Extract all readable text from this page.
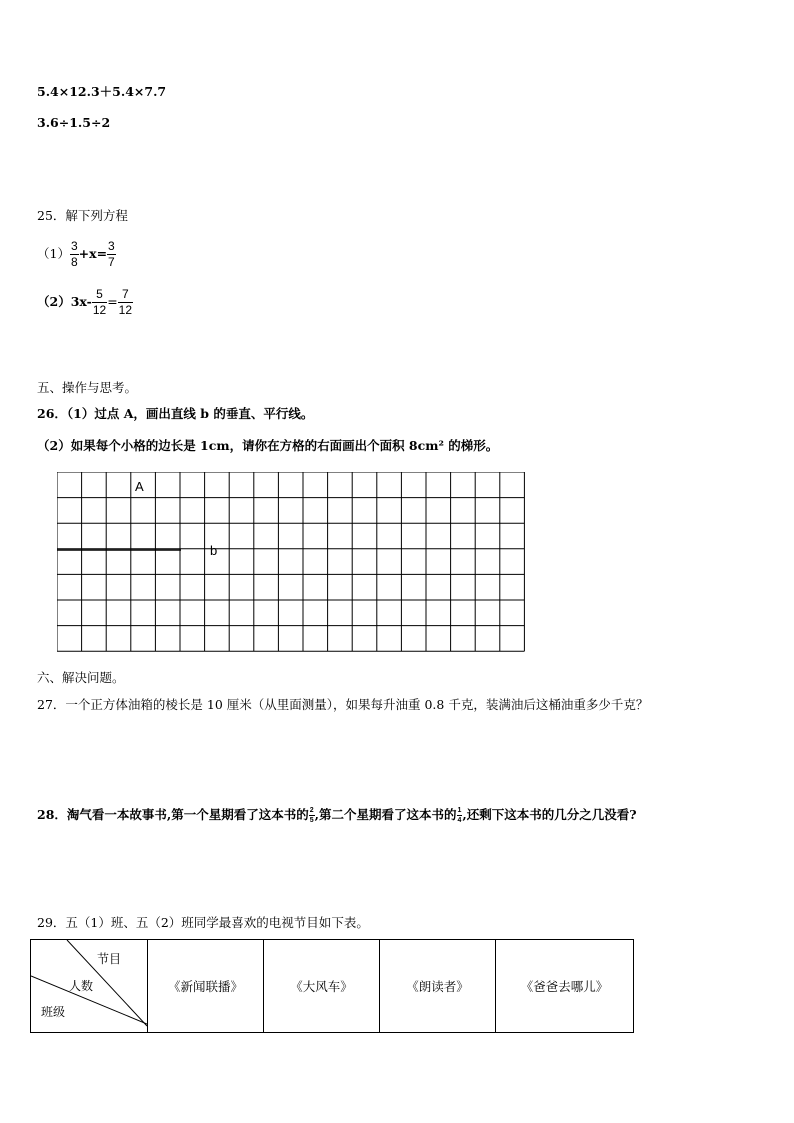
5.4×12.3＋5.4×7.7
3.6÷1.5÷2
25．解下列方程
$(1) \frac{3}{8} +x= \frac{3}{7}$
$(2)3x- \frac{5}{12} = \frac{7}{12}$
五、操作与思考。
26．（1）过点 A，画出直线 b 的垂直、平行线。
（2）如果每个小格的边长是 1cm，请你在方格的右面画出个面积 8cm² 的梯形。
A
b
六、解决问题。
27．一个正方体油箱的棱长是 10 厘米（从里面测量），如果每升油重 0.8 千克，装满油后这桶油重多少千克？
28．淘气看一本故事书,第一个星期看了这本书的 $\frac{2}{5}$ ,第二个星期看了这本书的 $\frac{1}{4}$ ,还剩下这本书的几分之几没看?
29．五（1）班、五（2）班同学最喜欢的电视节目如下表。
节目
人数
班级
	《新闻联播》	《大风车》	《朗读者》	《爸爸去哪儿》
